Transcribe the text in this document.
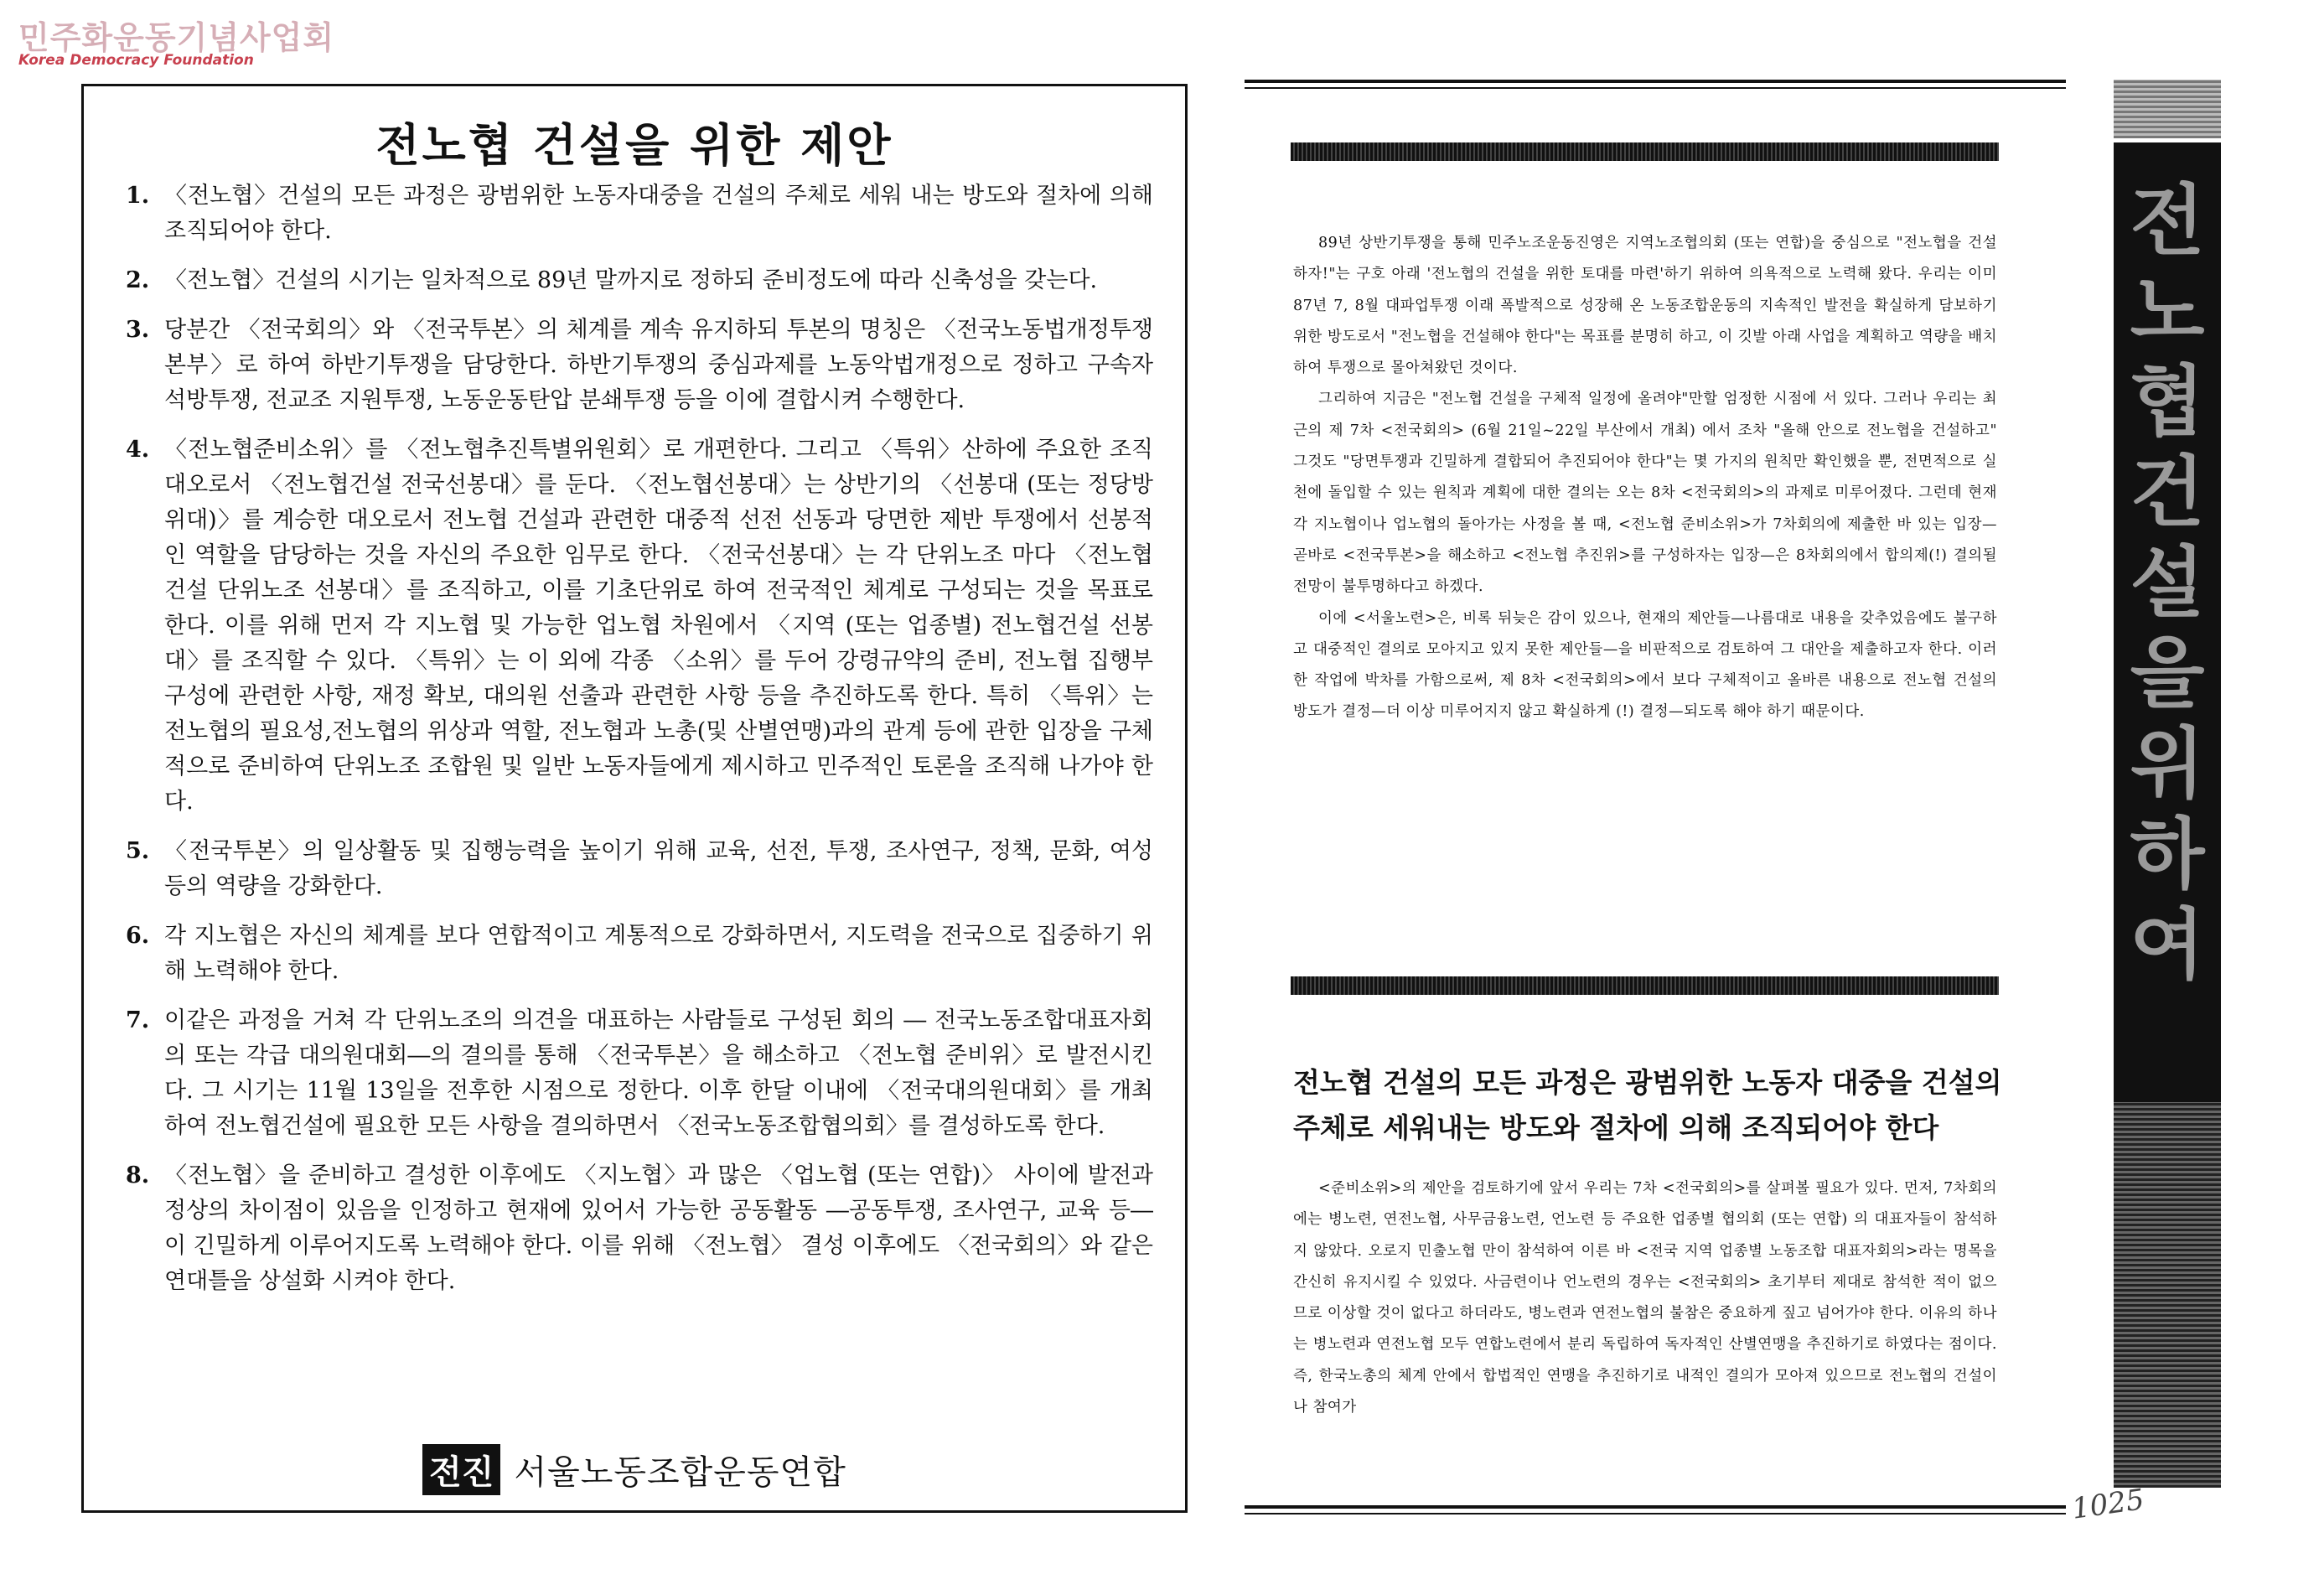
민주화운동기념사업회
Korea Democracy Foundation
전노협 건설을 위한 제안
1. 〈전노협〉건설의 모든 과정은 광범위한 노동자대중을 건설의 주체로 세워 내는 방도와 절차에 의해 조직되어야 한다.
2. 〈전노협〉건설의 시기는 일차적으로 89년 말까지로 정하되 준비정도에 따라 신축성을 갖는다.
3. 당분간 〈전국회의〉와 〈전국투본〉의 체계를 계속 유지하되 투본의 명칭은 〈전국노동법개정투쟁본부〉로 하여 하반기투쟁을 담당한다. 하반기투쟁의 중심과제를 노동악법개정으로 정하고 구속자 석방투쟁, 전교조 지원투쟁, 노동운동탄압 분쇄투쟁 등을 이에 결합시켜 수행한다.
4. 〈전노협준비소위〉를 〈전노협추진특별위원회〉로 개편한다. 그리고 〈특위〉산하에 주요한 조직대오로서 〈전노협건설 전국선봉대〉를 둔다. 〈전노협선봉대〉는 상반기의 〈선봉대 (또는 정당방위대)〉를 계승한 대오로서 전노협 건설과 관련한 대중적 선전 선동과 당면한 제반 투쟁에서 선봉적인 역할을 담당하는 것을 자신의 주요한 임무로 한다. 〈전국선봉대〉는 각 단위노조 마다 〈전노협건설 단위노조 선봉대〉를 조직하고, 이를 기초단위로 하여 전국적인 체계로 구성되는 것을 목표로 한다. 이를 위해 먼저 각 지노협 및 가능한 업노협 차원에서 〈지역 (또는 업종별) 전노협건설 선봉대〉를 조직할 수 있다. 〈특위〉는 이 외에 각종 〈소위〉를 두어 강령규약의 준비, 전노협 집행부 구성에 관련한 사항, 재정 확보, 대의원 선출과 관련한 사항 등을 추진하도록 한다. 특히 〈특위〉는 전노협의 필요성,전노협의 위상과 역할, 전노협과 노총(및 산별연맹)과의 관계 등에 관한 입장을 구체적으로 준비하여 단위노조 조합원 및 일반 노동자들에게 제시하고 민주적인 토론을 조직해 나가야 한다.
5. 〈전국투본〉의 일상활동 및 집행능력을 높이기 위해 교육, 선전, 투쟁, 조사연구, 정책, 문화, 여성 등의 역량을 강화한다.
6. 각 지노협은 자신의 체계를 보다 연합적이고 계통적으로 강화하면서, 지도력을 전국으로 집중하기 위해 노력해야 한다.
7. 이같은 과정을 거쳐 각 단위노조의 의견을 대표하는 사람들로 구성된 회의 ― 전국노동조합대표자회의 또는 각급 대의원대회―의 결의를 통해 〈전국투본〉을 해소하고 〈전노협 준비위〉로 발전시킨다. 그 시기는 11월 13일을 전후한 시점으로 정한다. 이후 한달 이내에 〈전국대의원대회〉를 개최하여 전노협건설에 필요한 모든 사항을 결의하면서 〈전국노동조합협의회〉를 결성하도록 한다.
8. 〈전노협〉을 준비하고 결성한 이후에도 〈지노협〉과 많은 〈업노협 (또는 연합)〉 사이에 발전과정상의 차이점이 있음을 인정하고 현재에 있어서 가능한 공동활동 ―공동투쟁, 조사연구, 교육 등―이 긴밀하게 이루어지도록 노력해야 한다. 이를 위해 〈전노협〉 결성 이후에도 〈전국회의〉와 같은 연대틀을 상설화 시켜야 한다.
전진 서울노동조합운동연합

89년 상반기투쟁을 통해 민주노조운동진영은 지역노조협의회 (또는 연합)을 중심으로 "전노협을 건설하자!"는 구호 아래 '전노협의 건설을 위한 토대를 마련'하기 위하여 의욕적으로 노력해 왔다. 우리는 이미 87년 7, 8월 대파업투쟁 이래 폭발적으로 성장해 온 노동조합운동의 지속적인 발전을 확실하게 담보하기 위한 방도로서 "전노협을 건설해야 한다"는 목표를 분명히 하고, 이 깃발 아래 사업을 계획하고 역량을 배치하여 투쟁으로 몰아쳐왔던 것이다.

그리하여 지금은 "전노협 건설을 구체적 일정에 올려야"만할 엄정한 시점에 서 있다. 그러나 우리는 최근의 제 7차 <전국회의> (6월 21일~22일 부산에서 개최) 에서 조차 "올해 안으로 전노협을 건설하고" 그것도 "당면투쟁과 긴밀하게 결합되어 추진되어야 한다"는 몇 가지의 원칙만 확인했을 뿐, 전면적으로 실천에 돌입할 수 있는 원칙과 계획에 대한 결의는 오는 8차 <전국회의>의 과제로 미루어졌다. 그런데 현재 각 지노협이나 업노협의 돌아가는 사정을 볼 때, <전노협 준비소위>가 7차회의에 제출한 바 있는 입장—곧바로 <전국투본>을 해소하고 <전노협 추진위>를 구성하자는 입장—은 8차회의에서 합의제(!) 결의될 전망이 불투명하다고 하겠다.

이에 <서울노련>은, 비록 뒤늦은 감이 있으나, 현재의 제안들—나름대로 내용을 갖추었음에도 불구하고 대중적인 결의로 모아지고 있지 못한 제안들—을 비판적으로 검토하여 그 대안을 제출하고자 한다. 이러한 작업에 박차를 가함으로써, 제 8차 <전국회의>에서 보다 구체적이고 올바른 내용으로 전노협 건설의 방도가 결정—더 이상 미루어지지 않고 확실하게 (!) 결정—되도록 해야 하기 때문이다.

전노협 건설의 모든 과정은 광범위한 노동자 대중을 건설의 주체로 세워내는 방도와 절차에 의해 조직되어야 한다

<준비소위>의 제안을 검토하기에 앞서 우리는 7차 <전국회의>를 살펴볼 필요가 있다. 먼저, 7차회의에는 병노련, 연전노협, 사무금융노련, 언노련 등 주요한 업종별 협의회 (또는 연합) 의 대표자들이 참석하지 않았다. 오로지 민출노협 만이 참석하여 이른 바 <전국 지역 업종별 노동조합 대표자회의>라는 명목을 간신히 유지시킬 수 있었다. 사금련이나 언노련의 경우는 <전국회의> 초기부터 제대로 참석한 적이 없으므로 이상할 것이 없다고 하더라도, 병노련과 연전노협의 불참은 중요하게 짚고 넘어가야 한다. 이유의 하나는 병노련과 연전노협 모두 연합노련에서 분리 독립하여 독자적인 산별연맹을 추진하기로 하였다는 점이다. 즉, 한국노총의 체계 안에서 합법적인 연맹을 추진하기로 내적인 결의가 모아져 있으므로 전노협의 건설이나 참여가

전
노
협
건
설
을
위
하
여
1025
